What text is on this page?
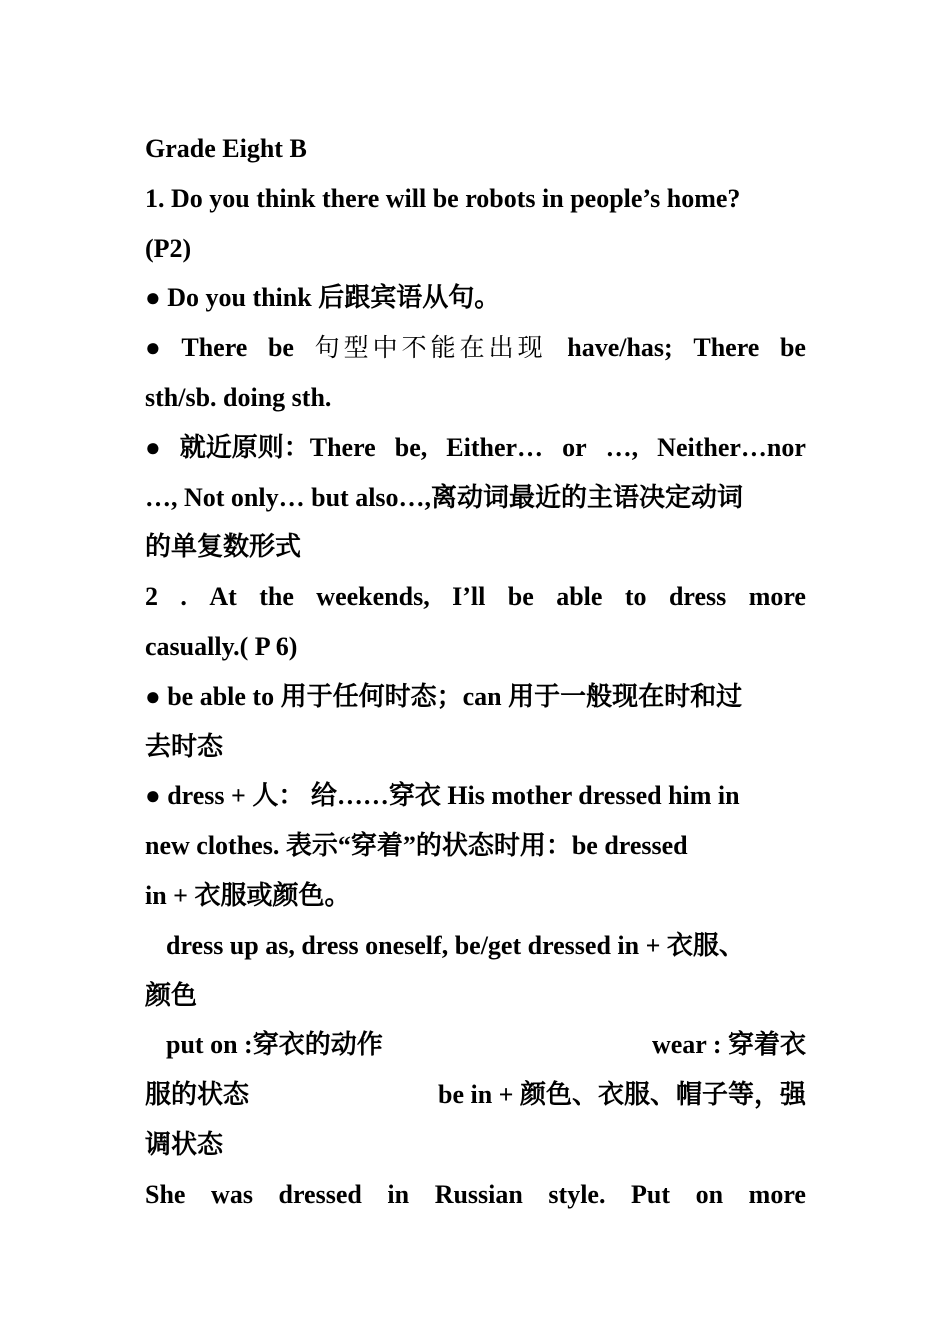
Grade Eight B
1. Do you think there will be robots in people’s home?
(P2)
● Do you think 后跟宾语从句。
● There be 句型中不能在出现 have/has; There be
sth/sb. doing sth.
● 就近原则：There be, Either… or …, Neither…nor
…, Not only… but also…,离动词最近的主语决定动词
的单复数形式
2 . At the weekends, I’ll be able to dress more
casually.( P 6)
● be able to 用于任何时态；can 用于一般现在时和过
去时态
● dress + 人： 给……穿衣 His mother dressed him in
new clothes. 表示“穿着”的状态时用：be dressed
in + 衣服或颜色。
dress up as, dress oneself, be/get dressed in + 衣服、
颜色
put on :穿衣的动作	wear : 穿着衣
服的状态	be in + 颜色、衣服、帽子等，强
调状态
She was dressed in Russian style. Put on more
